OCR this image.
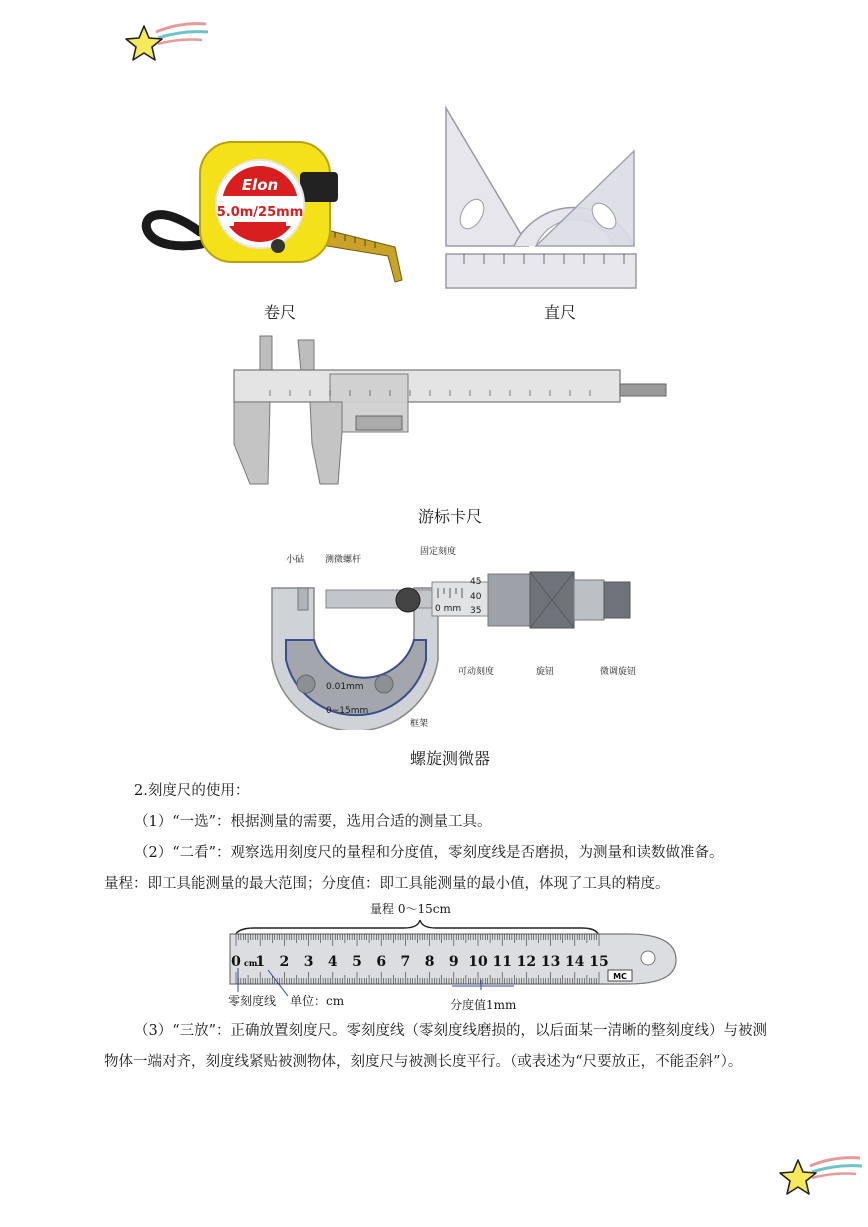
Elon
5.0m/25mm
卷尺	直尺
游标卡尺
小砧 测微螺杆
固定刻度
45
40
35
0 mm
可动刻度	旋钮	微调旋钮
0.01mm
0~15mm
框架
螺旋测微器

2.刻度尺的使用：

（1）“一选”：根据测量的需要，选用合适的测量工具。

（2）“二看”：观察选用刻度尺的量程和分度值，零刻度线是否磨损，为测量和读数做准备。

量程：即工具能测量的最大范围；分度值：即工具能测量的最小值，体现了工具的精度。

量程 0～15cm
MC
0 1 2 3 4 5 6 7 8 9 10 11 12 13 14 15
cm
零刻度线 单位：cm	分度值1mm

（3）“三放”：正确放置刻度尺。零刻度线（零刻度线磨损的，以后面某一清晰的整刻度线）与被测物体一端对齐，刻度线紧贴被测物体，刻度尺与被测长度平行。（或表述为“尺要放正，不能歪斜”）。
